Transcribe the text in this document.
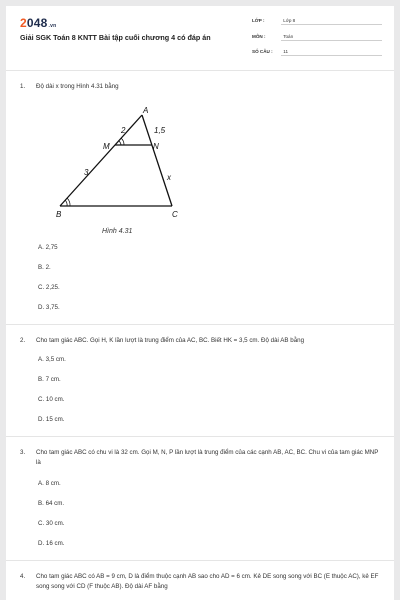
2048.vn
Giải SGK Toán 8 KNTT Bài tập cuối chương 4 có đáp án
LỚP :	Lớp 8
MÔN :	Toán
SỐ CÂU : 11
1. Độ dài x trong Hình 4.31 bằng
A
B	C
M	N
2	1,5
3
x
Hình 4.31
A. 2,75
B. 2.
C. 2,25.
D. 3,75.
2. Cho tam giác ABC. Gọi H, K lần lượt là trung điểm của AC, BC. Biết HK = 3,5 cm. Độ dài AB bằng
A. 3,5 cm.
B. 7 cm.
C. 10 cm.
D. 15 cm.
3. Cho tam giác ABC có chu vi là 32 cm. Gọi M, N, P lần lượt là trung điểm của các cạnh AB, AC, BC. Chu vi của tam giác MNP là
A. 8 cm.
B. 64 cm.
C. 30 cm.
D. 16 cm.
4. Cho tam giác ABC có AB = 9 cm, D là điểm thuộc cạnh AB sao cho AD = 6 cm. Kẻ DE song song với BC (E thuộc AC), kẻ EF song song với CD (F thuộc AB). Độ dài AF bằng
